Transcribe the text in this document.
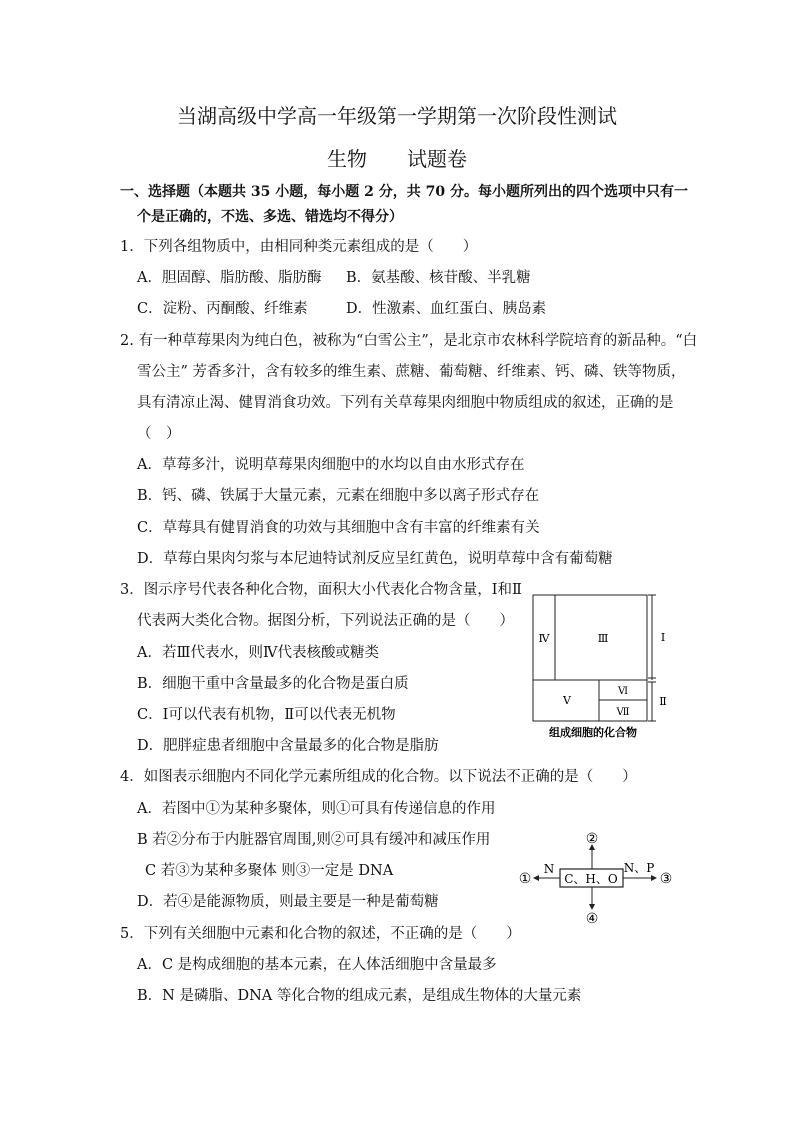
当湖高级中学高一年级第一学期第一次阶段性测试
生物 试题卷
一、选择题（本题共 35 小题，每小题 2 分，共 70 分。每小题所列出的四个选项中只有一
个是正确的，不选、多选、错选均不得分）
1．下列各组物质中，由相同种类元素组成的是（　　）
A．胆固醇、脂肪酸、脂肪酶 B．氨基酸、核苷酸、半乳糖
C．淀粉、丙酮酸、纤维素	D．性激素、血红蛋白、胰岛素
2. 有一种草莓果肉为纯白色，被称为“白雪公主”，是北京市农林科学院培育的新品种。“白
雪公主” 芳香多汁，含有较多的维生素、蔗糖、葡萄糖、纤维素、钙、磷、铁等物质，
具有清凉止渴、健胃消食功效。下列有关草莓果肉细胞中物质组成的叙述，正确的是
（　）
A．草莓多汁，说明草莓果肉细胞中的水均以自由水形式存在
B．钙、磷、铁属于大量元素，元素在细胞中多以离子形式存在
C．草莓具有健胃消食的功效与其细胞中含有丰富的纤维素有关
D．草莓白果肉匀浆与本尼迪特试剂反应呈红黄色，说明草莓中含有葡萄糖
3．图示序号代表各种化合物，面积大小代表化合物含量，Ⅰ和Ⅱ
代表两大类化合物。据图分析，下列说法正确的是（　　）
A．若Ⅲ代表水，则Ⅳ代表核酸或糖类
B．细胞干重中含量最多的化合物是蛋白质
C．Ⅰ可以代表有机物，Ⅱ可以代表无机物
D．肥胖症患者细胞中含量最多的化合物是脂肪
Ⅳ	Ⅲ
Ⅴ
Ⅵ
Ⅶ
Ⅰ
Ⅱ
组成细胞的化合物
4．如图表示细胞内不同化学元素所组成的化合物。以下说法不正确的是（　　）
A．若图中①为某种多聚体，则①可具有传递信息的作用
B 若②分布于内脏器官周围,则②可具有缓冲和减压作用
C 若③为某种多聚体 则③一定是 DNA
D．若④是能源物质，则最主要是一种是葡萄糖
C、H、O
②
④
N
①
N、P
③
5．下列有关细胞中元素和化合物的叙述，不正确的是（　　）
A．C 是构成细胞的基本元素，在人体活细胞中含量最多
B．N 是磷脂、DNA 等化合物的组成元素，是组成生物体的大量元素
